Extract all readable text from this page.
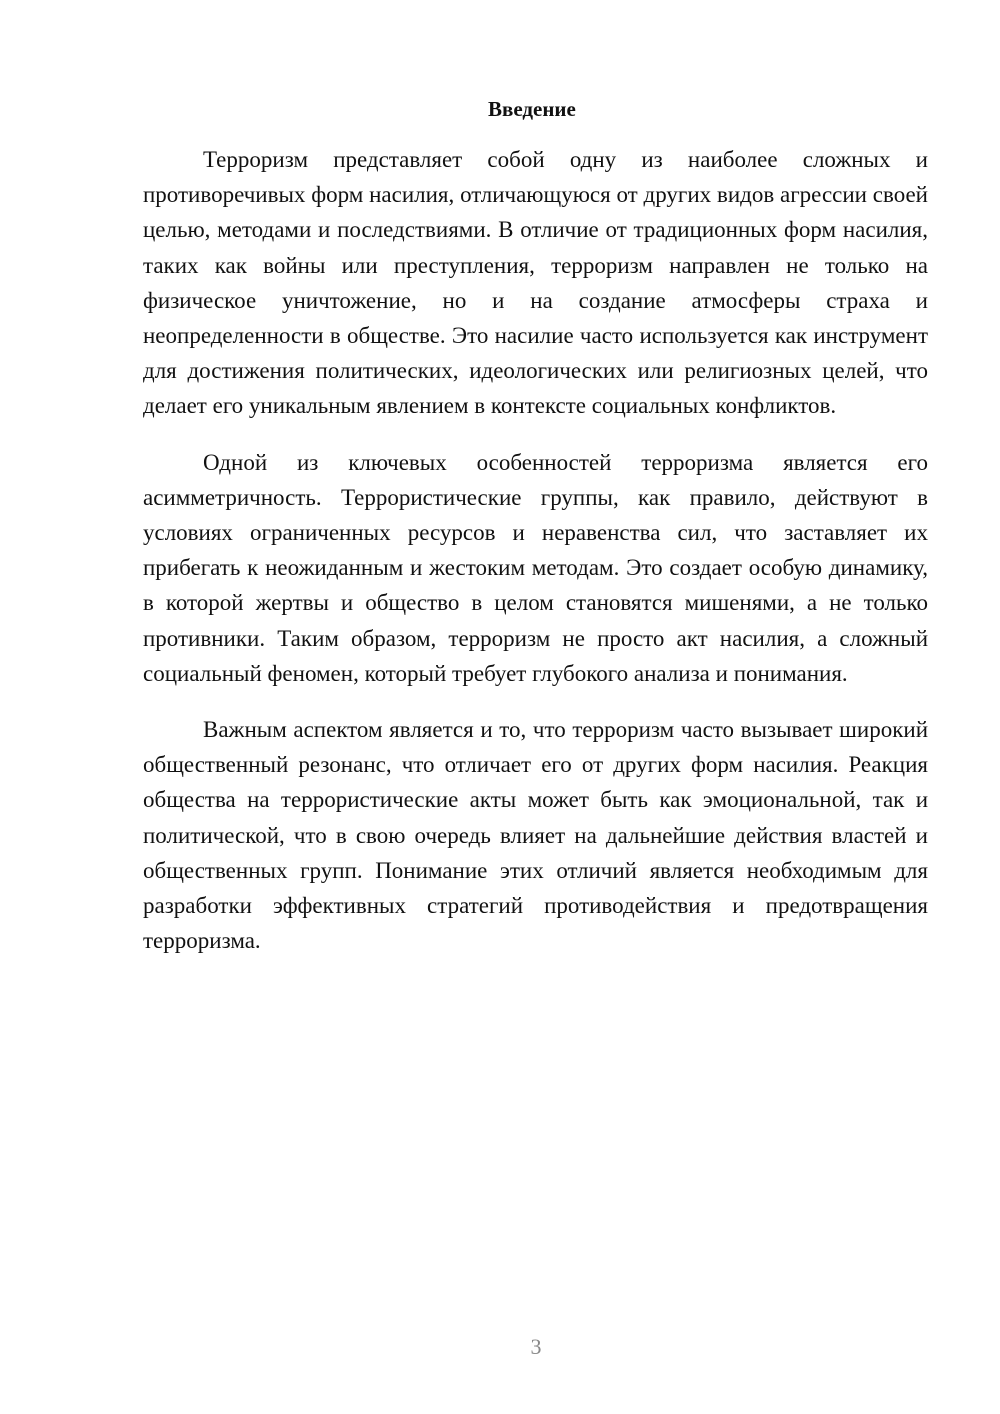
Введение

Терроризм представляет собой одну из наиболее сложных и противоречивых форм насилия, отличающуюся от других видов агрессии своей целью, методами и последствиями. В отличие от традиционных форм насилия, таких как войны или преступления, терроризм направлен не только на физическое уничтожение, но и на создание атмосферы страха и неопределенности в обществе. Это насилие часто используется как инструмент для достижения политических, идеологических или религиозных целей, что делает его уникальным явлением в контексте социальных конфликтов.

Одной из ключевых особенностей терроризма является его асимметричность. Террористические группы, как правило, действуют в условиях ограниченных ресурсов и неравенства сил, что заставляет их прибегать к неожиданным и жестоким методам. Это создает особую динамику, в которой жертвы и общество в целом становятся мишенями, а не только противники. Таким образом, терроризм не просто акт насилия, а сложный социальный феномен, который требует глубокого анализа и понимания.

Важным аспектом является и то, что терроризм часто вызывает широкий общественный резонанс, что отличает его от других форм насилия. Реакция общества на террористические акты может быть как эмоциональной, так и политической, что в свою очередь влияет на дальнейшие действия властей и общественных групп. Понимание этих отличий является необходимым для разработки эффективных стратегий противодействия и предотвращения терроризма.

3
